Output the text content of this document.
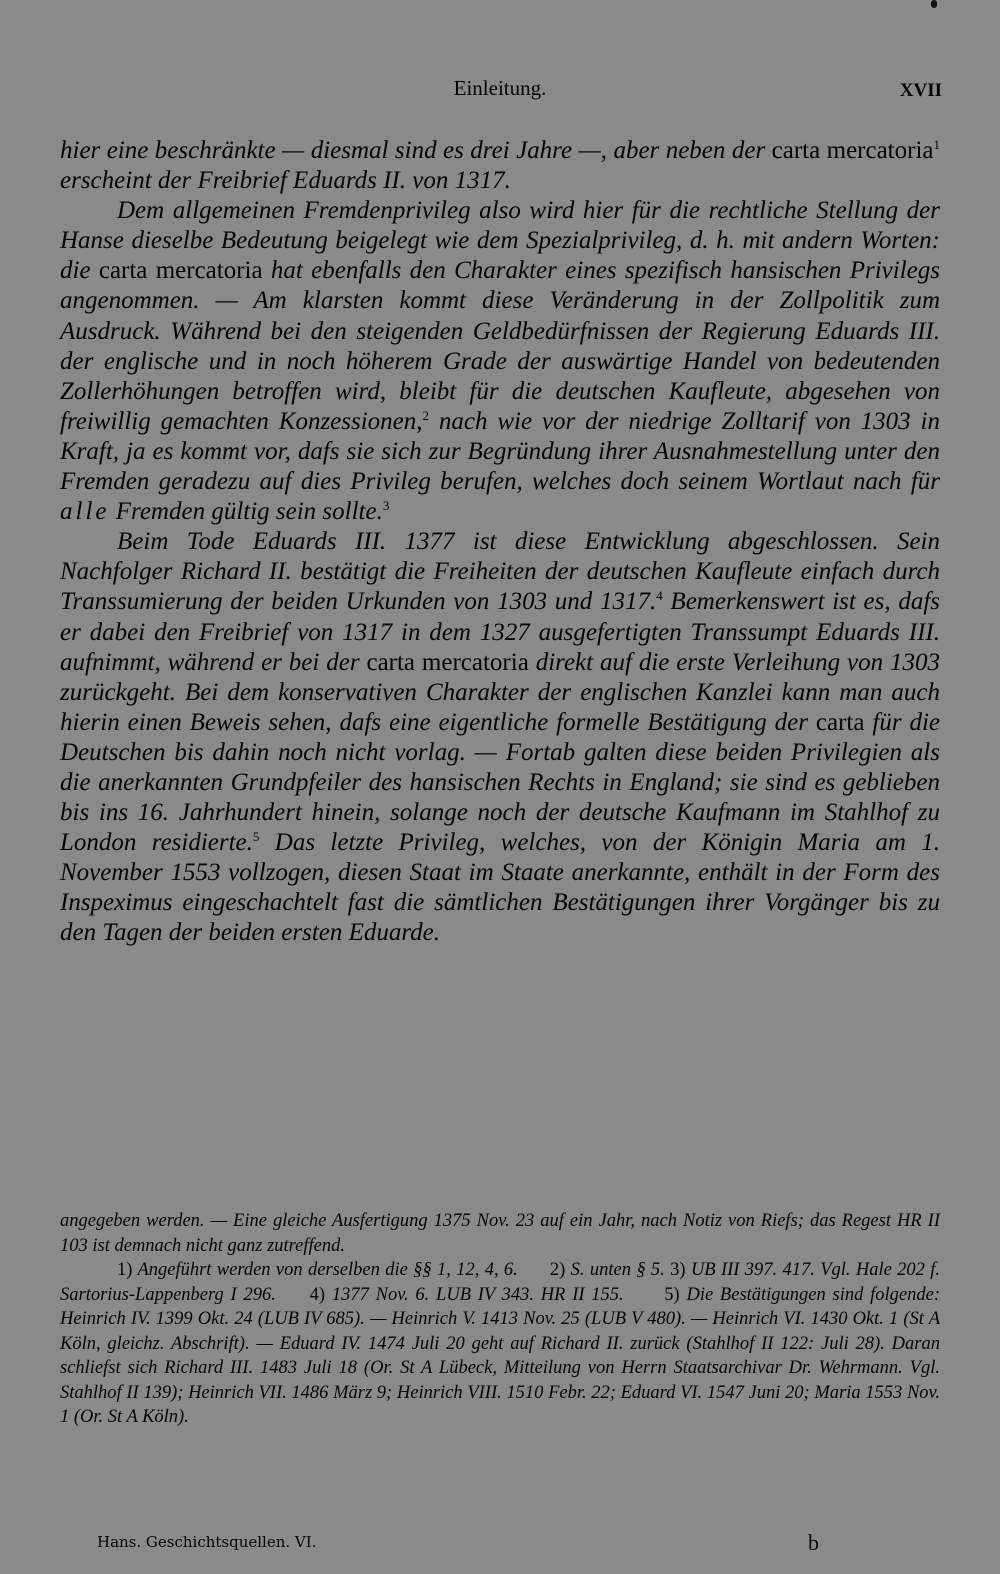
Einleitung.	XVII

hier eine beschränkte — diesmal sind es drei Jahre —, aber neben der carta mercatoria$^1$ erscheint der Freibrief Eduards II. von 1317.

Dem allgemeinen Fremdenprivileg also wird hier für die rechtliche Stellung der Hanse dieselbe Bedeutung beigelegt wie dem Spezialprivileg, d. h. mit andern Worten: die carta mercatoria hat ebenfalls den Charakter eines spezifisch hansischen Privilegs angenommen. — Am klarsten kommt diese Veränderung in der Zollpolitik zum Ausdruck. Während bei den steigenden Geldbedürfnissen der Regierung Eduards III. der englische und in noch höherem Grade der auswärtige Handel von bedeutenden Zollerhöhungen betroffen wird, bleibt für die deutschen Kaufleute, abgesehen von freiwillig gemachten Konzessionen,$^2$ nach wie vor der niedrige Zolltarif von 1303 in Kraft, ja es kommt vor, dafs sie sich zur Begründung ihrer Ausnahmestellung unter den Fremden geradezu auf dies Privileg berufen, welches doch seinem Wortlaut nach für alle Fremden gültig sein sollte.$^3$

Beim Tode Eduards III. 1377 ist diese Entwicklung abgeschlossen. Sein Nachfolger Richard II. bestätigt die Freiheiten der deutschen Kaufleute einfach durch Transsumierung der beiden Urkunden von 1303 und 1317.$^4$ Bemerkenswert ist es, dafs er dabei den Freibrief von 1317 in dem 1327 ausgefertigten Transsumpt Eduards III. aufnimmt, während er bei der carta mercatoria direkt auf die erste Verleihung von 1303 zurückgeht. Bei dem konservativen Charakter der englischen Kanzlei kann man auch hierin einen Beweis sehen, dafs eine eigentliche formelle Bestätigung der carta für die Deutschen bis dahin noch nicht vorlag. — Fortab galten diese beiden Privilegien als die anerkannten Grundpfeiler des hansischen Rechts in England; sie sind es geblieben bis ins 16. Jahrhundert hinein, solange noch der deutsche Kaufmann im Stahlhof zu London residierte.$^5$ Das letzte Privileg, welches, von der Königin Maria am 1. November 1553 vollzogen, diesen Staat im Staate anerkannte, enthält in der Form des Inspeximus eingeschachtelt fast die sämtlichen Bestätigungen ihrer Vorgänger bis zu den Tagen der beiden ersten Eduarde.

angegeben werden. — Eine gleiche Ausfertigung 1375 Nov. 23 auf ein Jahr, nach Notiz von Riefs; das Regest HR II 103 ist demnach nicht ganz zutreffend.

1) Angeführt werden von derselben die §§ 1, 12, 4, 6. 2) S. unten § 5. 3) UB III 397. 417. Vgl. Hale 202 f. Sartorius-Lappenberg I 296. 4) 1377 Nov. 6. LUB IV 343. HR II 155. 5) Die Bestätigungen sind folgende: Heinrich IV. 1399 Okt. 24 (LUB IV 685). — Heinrich V. 1413 Nov. 25 (LUB V 480). — Heinrich VI. 1430 Okt. 1 (St A Köln, gleichz. Abschrift). — Eduard IV. 1474 Juli 20 geht auf Richard II. zurück (Stahlhof II 122: Juli 28). Daran schliefst sich Richard III. 1483 Juli 18 (Or. St A Lübeck, Mitteilung von Herrn Staatsarchivar Dr. Wehrmann. Vgl. Stahlhof II 139); Heinrich VII. 1486 März 9; Heinrich VIII. 1510 Febr. 22; Eduard VI. 1547 Juni 20; Maria 1553 Nov. 1 (Or. St A Köln).

Hans. Geschichtsquellen. VI.	b
